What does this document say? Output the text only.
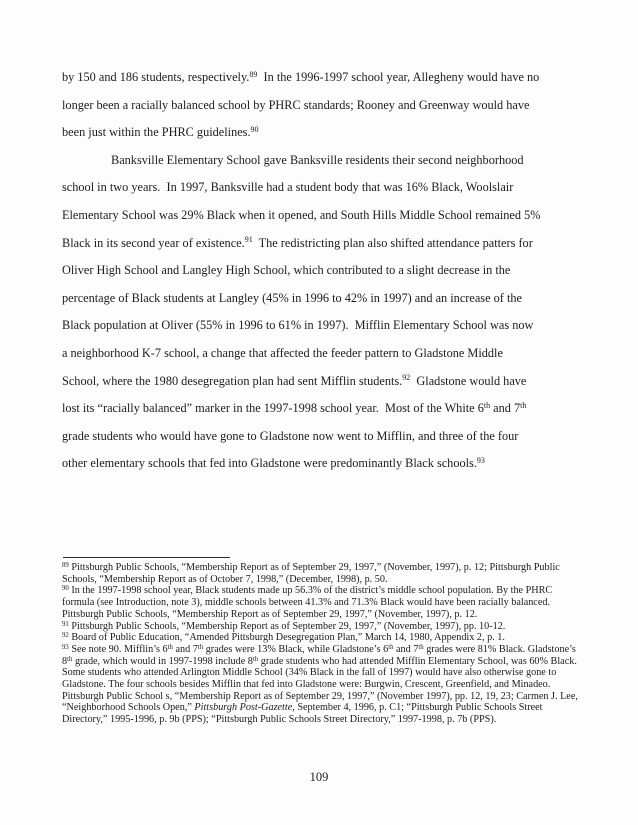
by 150 and 186 students, respectively.$^{89}$  In the 1996-1997 school year, Allegheny would have no
longer been a racially balanced school by PHRC standards; Rooney and Greenway would have
been just within the PHRC guidelines.$^{90}$
Banksville Elementary School gave Banksville residents their second neighborhood
school in two years.  In 1997, Banksville had a student body that was 16% Black, Woolslair
Elementary School was 29% Black when it opened, and South Hills Middle School remained 5%
Black in its second year of existence.$^{91}$  The redistricting plan also shifted attendance patters for
Oliver High School and Langley High School, which contributed to a slight decrease in the
percentage of Black students at Langley (45% in 1996 to 42% in 1997) and an increase of the
Black population at Oliver (55% in 1996 to 61% in 1997).  Mifflin Elementary School was now
a neighborhood K-7 school, a change that affected the feeder pattern to Gladstone Middle
School, where the 1980 desegregation plan had sent Mifflin students.$^{92}$  Gladstone would have
lost its “racially balanced” marker in the 1997-1998 school year.  Most of the White 6th and 7th
grade students who would have gone to Gladstone now went to Mifflin, and three of the four
other elementary schools that fed into Gladstone were predominantly Black schools.$^{93}$
$^{89}$ Pittsburgh Public Schools, “Membership Report as of September 29, 1997,” (November, 1997), p. 12; Pittsburgh Public Schools, “Membership Report as of October 7, 1998,” (December, 1998), p. 50.
$^{90}$ In the 1997-1998 school year, Black students made up 56.3% of the district’s middle school population. By the PHRC formula (see Introduction, note 3), middle schools between 41.3% and 71.3% Black would have been racially balanced. Pittsburgh Public Schools, “Membership Report as of September 29, 1997,” (November, 1997), p. 12.
$^{91}$ Pittsburgh Public Schools, “Membership Report as of September 29, 1997,” (November, 1997), pp. 10-12.
$^{92}$ Board of Public Education, “Amended Pittsburgh Desegregation Plan,” March 14, 1980, Appendix 2, p. 1.
$^{93}$ See note 90. Mifflin’s 6th and 7th grades were 13% Black, while Gladstone’s 6th and 7th grades were 81% Black. Gladstone’s 8th grade, which would in 1997-1998 include 8th grade students who had attended Mifflin Elementary School, was 60% Black. Some students who attended Arlington Middle School (34% Black in the fall of 1997) would have also otherwise gone to Gladstone. The four schools besides Mifflin that fed into Gladstone were: Burgwin, Crescent, Greenfield, and Minadeo. Pittsburgh Public School s, “Membership Report as of September 29, 1997,” (November 1997), pp. 12, 19, 23; Carmen J. Lee, “Neighborhood Schools Open,” Pittsburgh Post-Gazette, September 4, 1996, p. C1; “Pittsburgh Public Schools Street Directory,” 1995-1996, p. 9b (PPS); “Pittsburgh Public Schools Street Directory,” 1997-1998, p. 7b (PPS).
109
